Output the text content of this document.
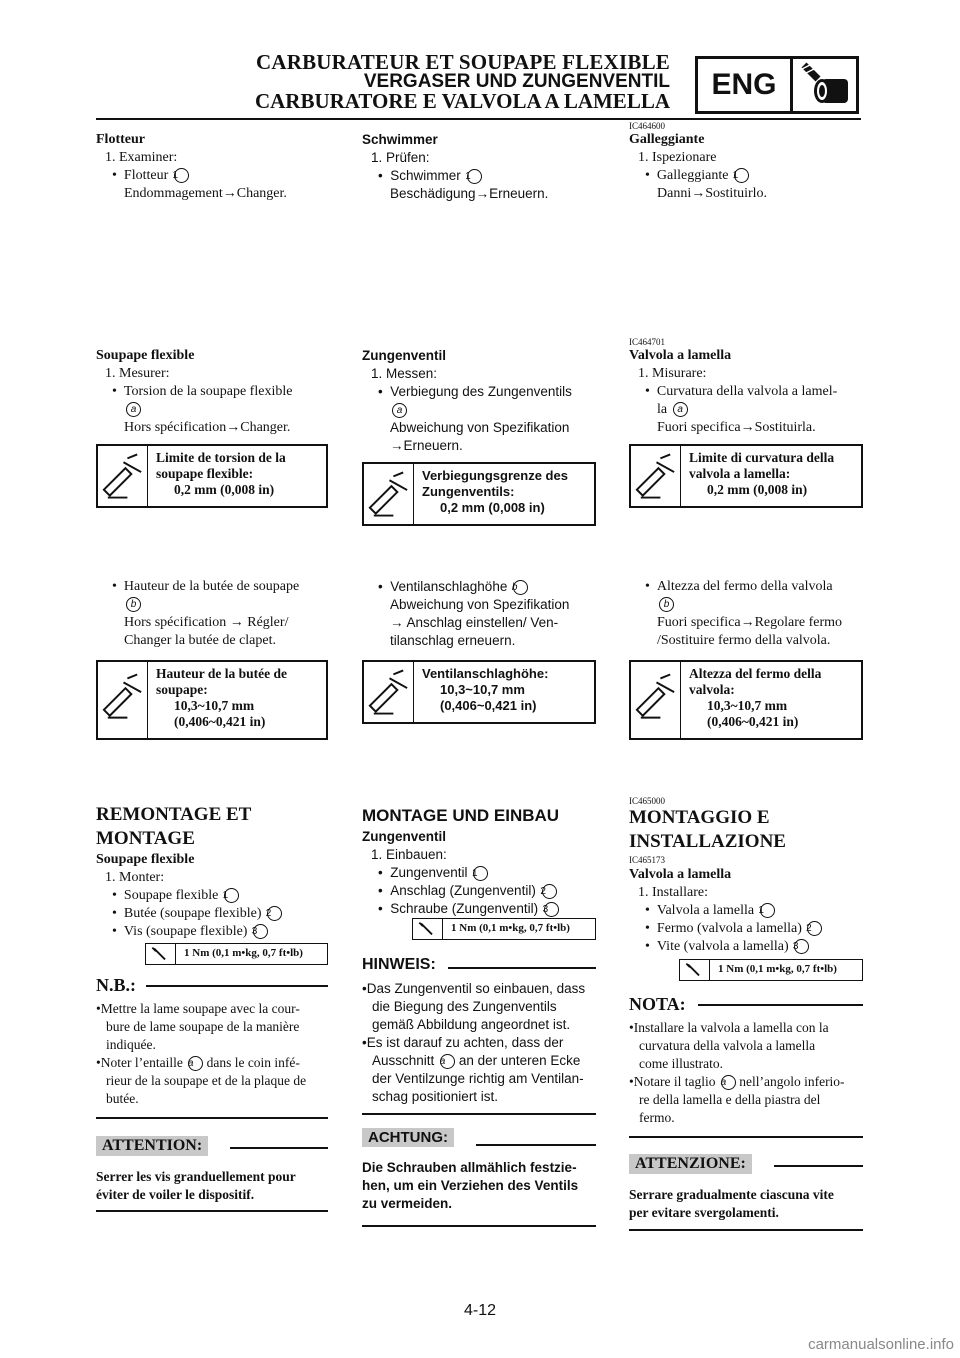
CARBURATEUR ET SOUPAPE FLEXIBLE
VERGASER UND ZUNGENVENTIL
CARBURATORE E VALVOLA A LAMELLA	ENG
IC464600
IC464701
IC465000
IC465173
Flotteur
1. Examiner:
•  Flotteur 1
Endommagement→Changer.
Soupape flexible
1. Mesurer:
•  Torsion de la soupape flexible
a
Hors spécification→Changer.
Limite de torsion de la
soupape flexible:
0,2 mm (0,008 in)
•  Hauteur de la butée de soupape
b
Hors spécification → Régler/
Changer la butée de clapet.
Hauteur de la butée de
soupape:
10,3~10,7 mm
(0,406~0,421 in)
REMONTAGE ET
MONTAGE
Soupape flexible
1. Monter:
•  Soupape flexible 1
•  Butée (soupape flexible) 2
•  Vis (soupape flexible) 3
1 Nm (0,1 m•kg, 0,7 ft•lb)
N.B.:
•Mettre la lame soupape avec la cour-
bure de lame soupape de la manière
indiquée.
•Noter l’entaille a dans le coin infé-
rieur de la soupape et de la plaque de
butée.
ATTENTION:
Serrer les vis granduellement pour
éviter de voiler le dispositif.
Schwimmer
1. Prüfen:
•  Schwimmer 1
Beschädigung→Erneuern.
Zungenventil
1. Messen:
•  Verbiegung des Zungenventils
a
Abweichung von Spezifikation
→Erneuern.
Verbiegungsgrenze des
Zungenventils:
0,2 mm (0,008 in)
•  Ventilanschlaghöhe b
Abweichung von Spezifikation
→ Anschlag einstellen/ Ven-
tilanschlag erneuern.
Ventilanschlaghöhe:
10,3~10,7 mm
(0,406~0,421 in)
MONTAGE UND EINBAU
Zungenventil
1. Einbauen:
•  Zungenventil 1
•  Anschlag (Zungenventil) 2
•  Schraube (Zungenventil) 3
1 Nm (0,1 m•kg, 0,7 ft•lb)
HINWEIS:
•Das Zungenventil so einbauen, dass
die Biegung des Zungenventils
gemäß Abbildung angeordnet ist.
•Es ist darauf zu achten, dass der
Ausschnitt a an der unteren Ecke
der Ventilzunge richtig am Ventilan-
schag positioniert ist.
ACHTUNG:
Die Schrauben allmählich festzie-
hen, um ein Verziehen des Ventils
zu vermeiden.
Galleggiante
1. Ispezionare
•  Galleggiante 1
Danni→Sostituirlo.
Valvola a lamella
1. Misurare:
•  Curvatura della valvola a lamel-
la a
Fuori specifica→Sostituirla.
Limite di curvatura della
valvola a lamella:
0,2 mm (0,008 in)
•  Altezza del fermo della valvola
b
Fuori specifica→Regolare fermo
/Sostituire fermo della valvola.
Altezza del fermo della
valvola:
10,3~10,7 mm
(0,406~0,421 in)
MONTAGGIO E
INSTALLAZIONE
Valvola a lamella
1. Installare:
•  Valvola a lamella 1
•  Fermo (valvola a lamella) 2
•  Vite (valvola a lamella) 3
1 Nm (0,1 m•kg, 0,7 ft•lb)
NOTA:
•Installare la valvola a lamella con la
curvatura della valvola a lamella
come illustrato.
•Notare il taglio a nell’angolo inferio-
re della lamella e della piastra del
fermo.
ATTENZIONE:
Serrare gradualmente ciascuna vite
per evitare svergolamenti.
4-12
carmanualsonline.info
